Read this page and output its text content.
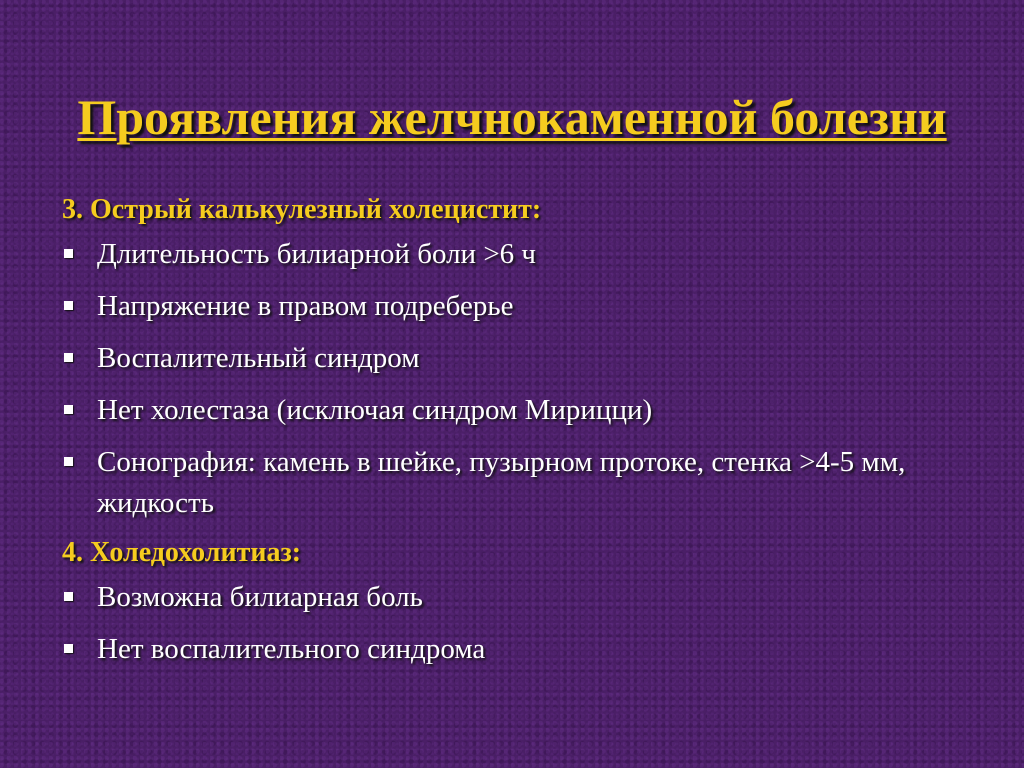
Проявления желчнокаменной болезни

3. Острый калькулезный холецистит:

Длительность билиарной боли >6 ч
Напряжение в правом подреберье
Воспалительный синдром
Нет холестаза (исключая синдром Мирицци)
Сонография: камень в шейке, пузырном протоке, стенка >4-5 мм, жидкость

4. Холедохолитиаз:

Возможна билиарная боль
Нет воспалительного синдрома
